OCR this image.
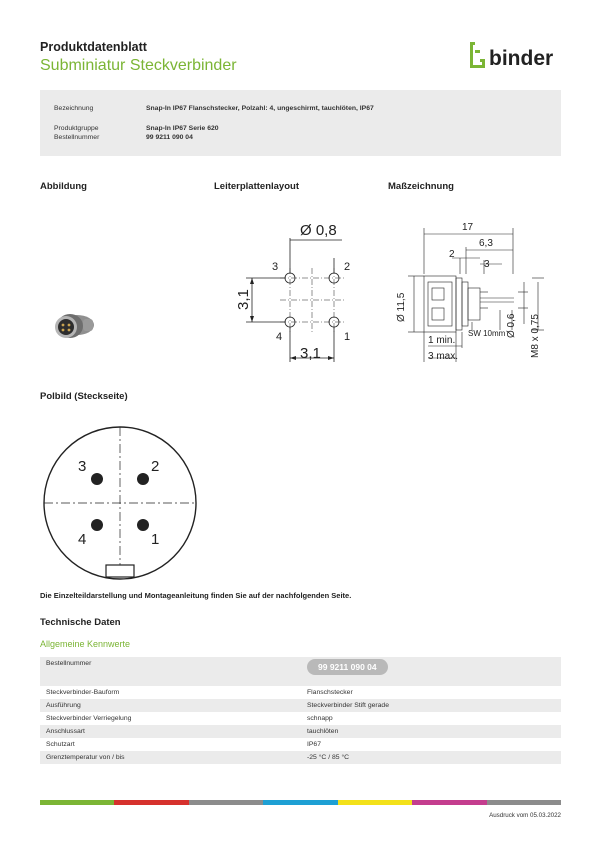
Produktdatenblatt
Subminiatur Steckverbinder	binder
Bezeichnung	Snap-In IP67 Flanschstecker, Polzahl: 4, ungeschirmt, tauchlöten, IP67
Produktgruppe	Snap-In IP67 Serie 620
Bestellnummer	99 9211 090 04
Abbildung	Leiterplattenlayout	Maßzeichnung
Ø 0,8
3	2
4	1
3,1
3,1
17
6,3
2
3
Ø 11,5
1 min.
3 max.
SW 10mm Ø 0,6 M8 x 0,75
Polbild (Steckseite)
3	2
4	1
Die Einzelteildarstellung und Montageanleitung finden Sie auf der nachfolgenden Seite.
Technische Daten
Allgemeine Kennwerte
Bestellnummer	99 9211 090 04
Steckverbinder-Bauform	Flanschstecker
Ausführung	Steckverbinder Stift gerade
Steckverbinder Verriegelung	schnapp
Anschlussart	tauchlöten
Schutzart	IP67
Grenztemperatur von / bis	-25 °C / 85 °C
Ausdruck vom 05.03.2022
